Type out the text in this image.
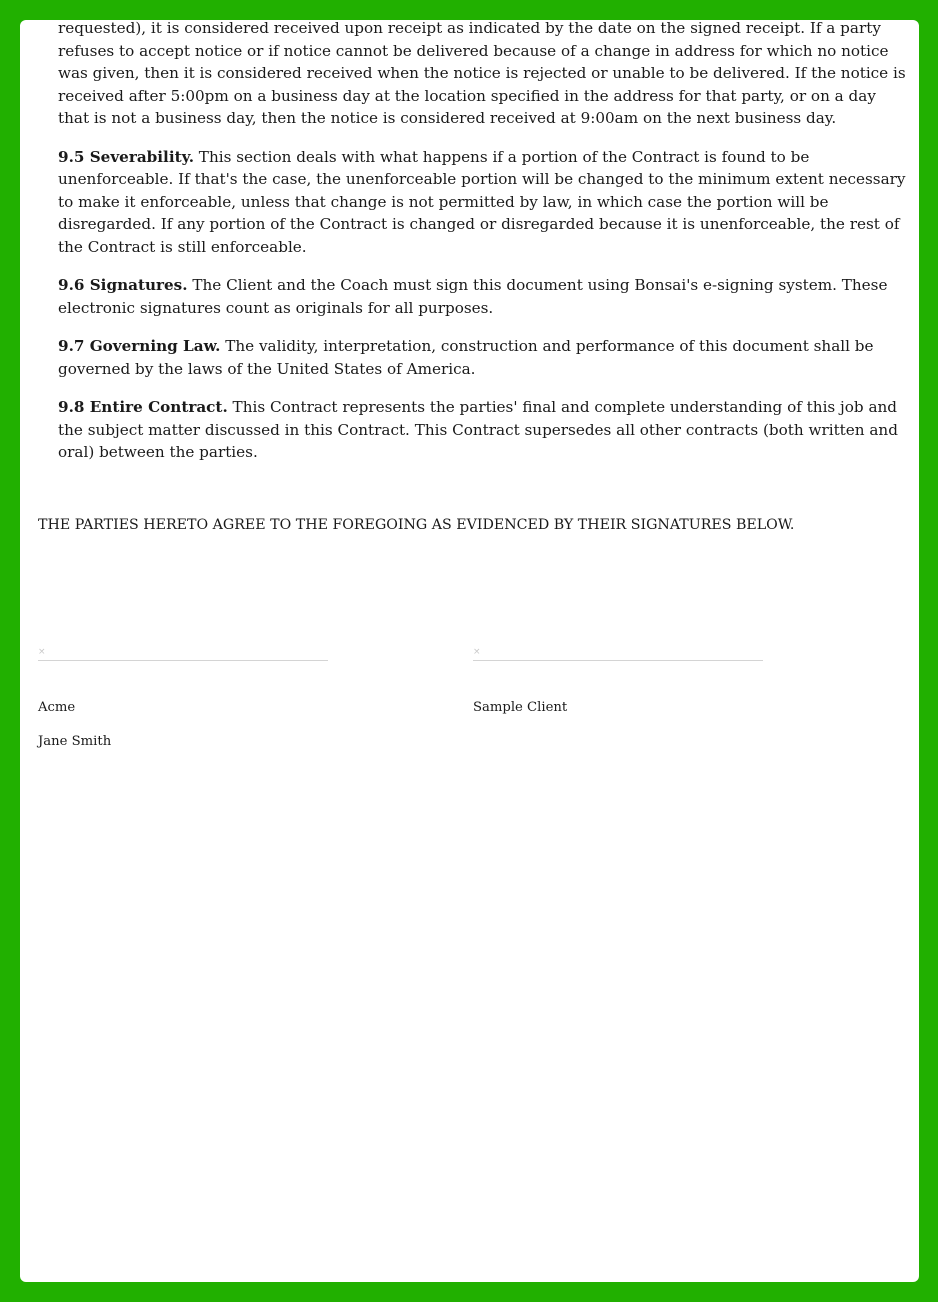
requested), it is considered received upon receipt as indicated by the date on the signed receipt. If a party refuses to accept notice or if notice cannot be delivered because of a change in address for which no notice was given, then it is considered received when the notice is rejected or unable to be delivered. If the notice is received after 5:00pm on a business day at the location specified in the address for that party, or on a day that is not a business day, then the notice is considered received at 9:00am on the next business day.

9.5 Severability. This section deals with what happens if a portion of the Contract is found to be unenforceable. If that's the case, the unenforceable portion will be changed to the minimum extent necessary to make it enforceable, unless that change is not permitted by law, in which case the portion will be disregarded. If any portion of the Contract is changed or disregarded because it is unenforceable, the rest of the Contract is still enforceable.

9.6 Signatures. The Client and the Coach must sign this document using Bonsai's e-signing system. These electronic signatures count as originals for all purposes.

9.7 Governing Law. The validity, interpretation, construction and performance of this document shall be governed by the laws of the United States of America.

9.8 Entire Contract. This Contract represents the parties' final and complete understanding of this job and the subject matter discussed in this Contract. This Contract supersedes all other contracts (both written and oral) between the parties.

THE PARTIES HERETO AGREE TO THE FOREGOING AS EVIDENCED BY THEIR SIGNATURES BELOW.

×
Acme
Jane Smith
×
Sample Client
